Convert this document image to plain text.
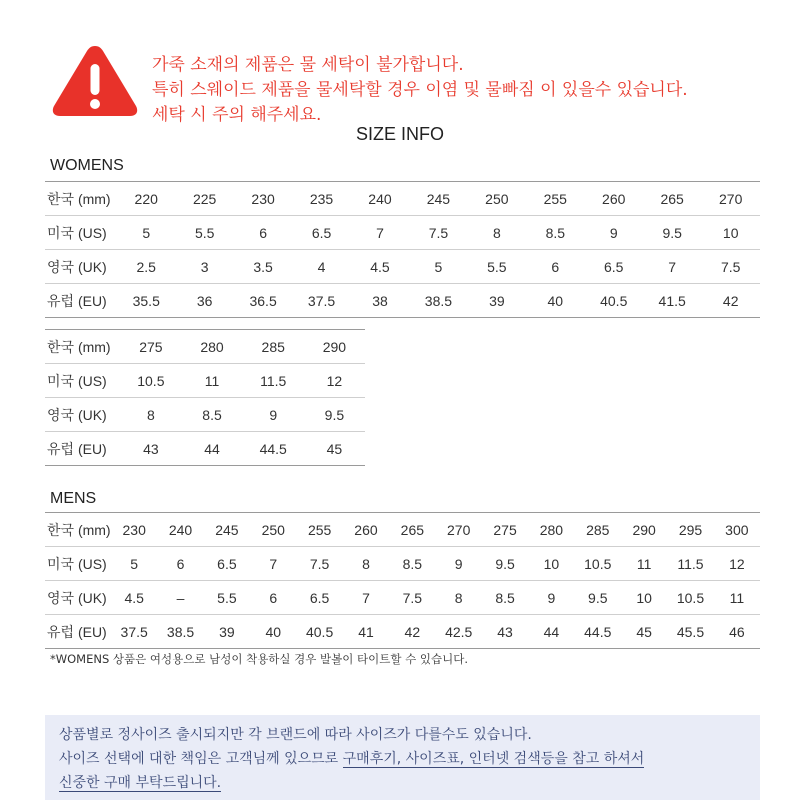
가죽 소재의 제품은 물 세탁이 불가합니다.
특히 스웨이드 제품을 물세탁할 경우 이염 및 물빠짐 이 있을수 있습니다.
세탁 시 주의 해주세요.
SIZE INFO
WOMENS
한국 (mm)	220	225	230	235	240	245	250	255	260	265	270
미국 (US)	5	5.5	6	6.5	7	7.5	8	8.5	9	9.5	10
영국 (UK)	2.5	3	3.5	4	4.5	5	5.5	6	6.5	7	7.5
유럽 (EU)	35.5	36	36.5	37.5	38	38.5	39	40	40.5	41.5	42
한국 (mm)	275	280	285	290
미국 (US)	10.5	11	11.5	12
영국 (UK)	8	8.5	9	9.5
유럽 (EU)	43	44	44.5	45
MENS
한국 (mm)	230	240	245	250	255	260	265	270	275	280	285	290	295	300
미국 (US)	5	6	6.5	7	7.5	8	8.5	9	9.5	10	10.5	11	11.5	12
영국 (UK)	4.5	–	5.5	6	6.5	7	7.5	8	8.5	9	9.5	10	10.5	11
유럽 (EU)	37.5	38.5	39	40	40.5	41	42	42.5	43	44	44.5	45	45.5	46
*WOMENS 상품은 여성용으로 남성이 착용하실 경우 발볼이 타이트할 수 있습니다.
상품별로 정사이즈 출시되지만 각 브랜드에 따라 사이즈가 다를수도 있습니다.
사이즈 선택에 대한 책임은 고객님께 있으므로 구매후기, 사이즈표, 인터넷 검색등을 참고 하셔서
신중한 구매 부탁드립니다.
